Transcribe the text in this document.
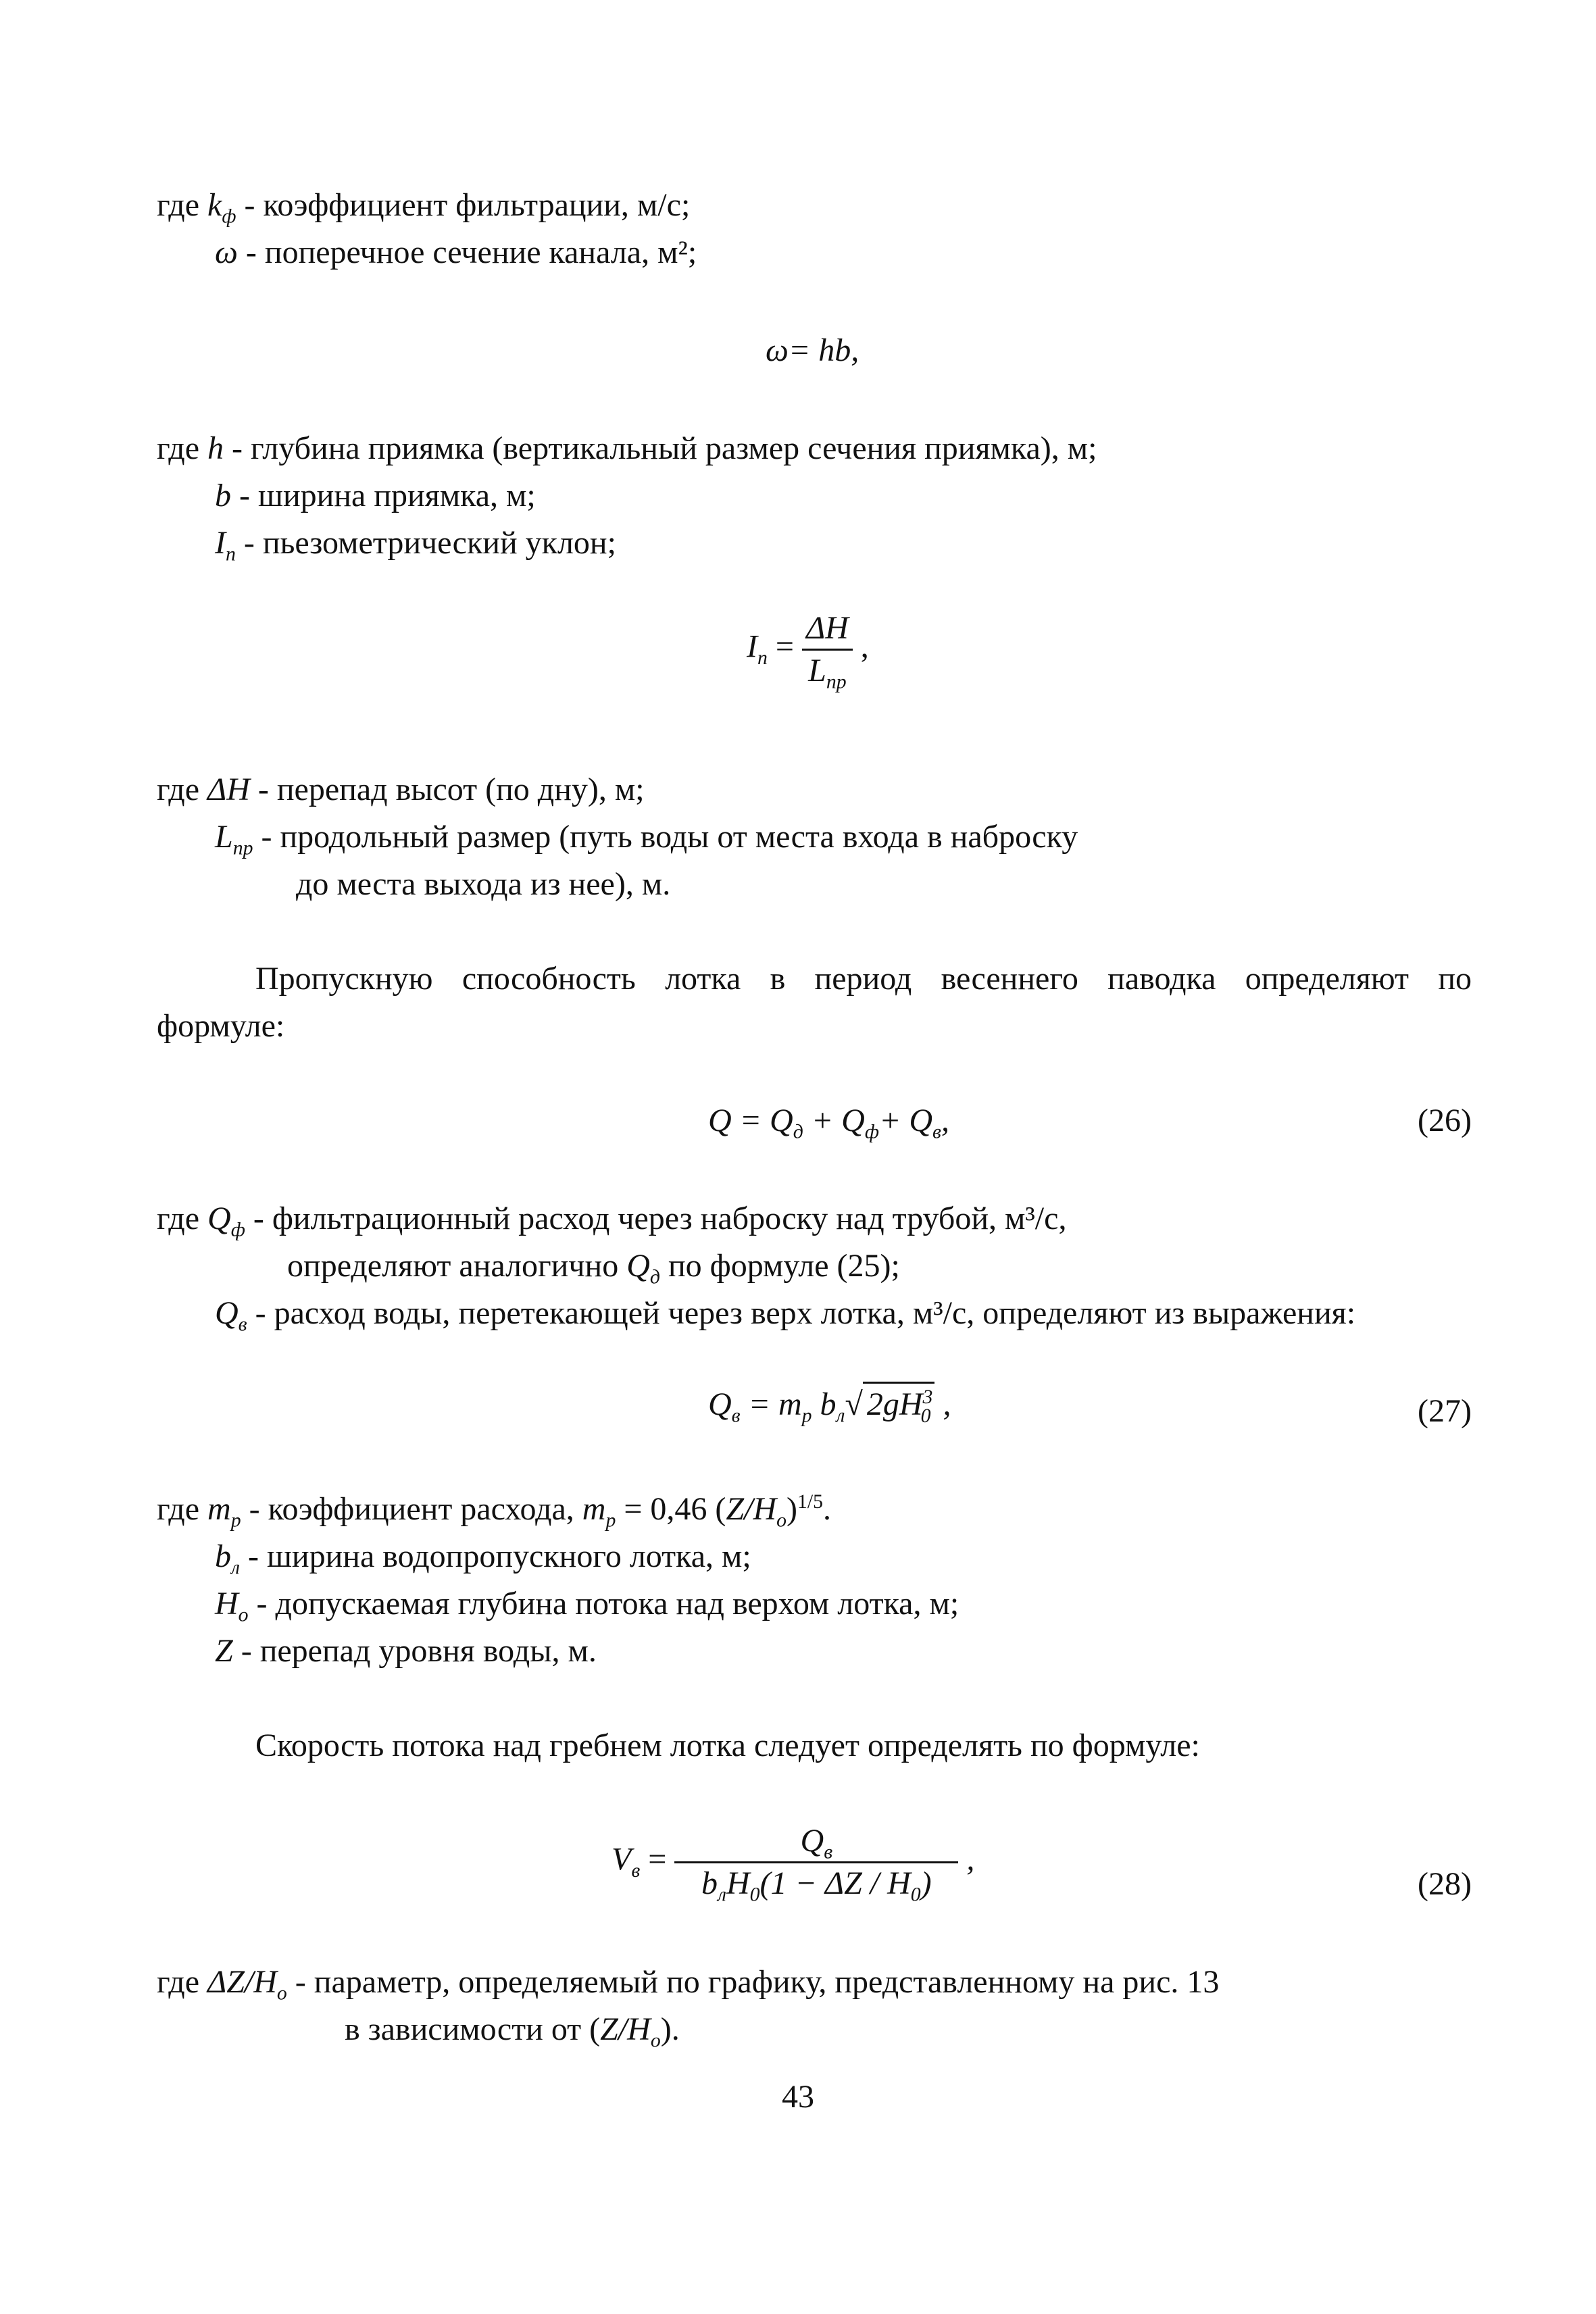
где $k_ф$ - коэффициент фильтрации, м/с;
ω - поперечное сечение канала, м²;
ω= hb,
где h - глубина приямка (вертикальный размер сечения приямка), м;
b - ширина приямка, м;
$I_п$ - пьезометрический уклон;
$I_п = \frac{\Delta H}{L_{пр}}$ ,
где ΔH - перепад высот (по дну), м;
$L_{пр}$ - продольный размер (путь воды от места входа в наброску
до места выхода из нее), м.
Пропускную способность лотка в период весеннего паводка определяют по
формуле:
$Q = Q_д + Q_ф+ Q_в$,	(26)
где $Q_ф$ - фильтрационный расход через наброску над трубой, м³/с,
определяют аналогично $Q_д$ по формуле (25);
$Q_в$ - расход воды, перетекающей через верх лотка, м³/с, определяют из выражения:
$Q_в = m_p$ $b_л√$ $2gH^3_0$ ,	(27)
где $m_p$ - коэффициент расхода, $m_p = 0,46$ $(Z/H_о)^{1/5}$.
$b_л$ - ширина водопропускного лотка, м;
$H_о$ - допускаемая глубина потока над верхом лотка, м;
Z - перепад уровня воды, м.
Скорость потока над гребнем лотка следует определять по формуле:
$V_в = \frac{Q_в}{b_лH_0(1 - \Delta Z / H_0)}$ ,
(28)
где $\Delta Z/H_о$ - параметр, определяемый по графику, представленному на рис. 13
в зависимости от $(Z/H_о)$.
43
